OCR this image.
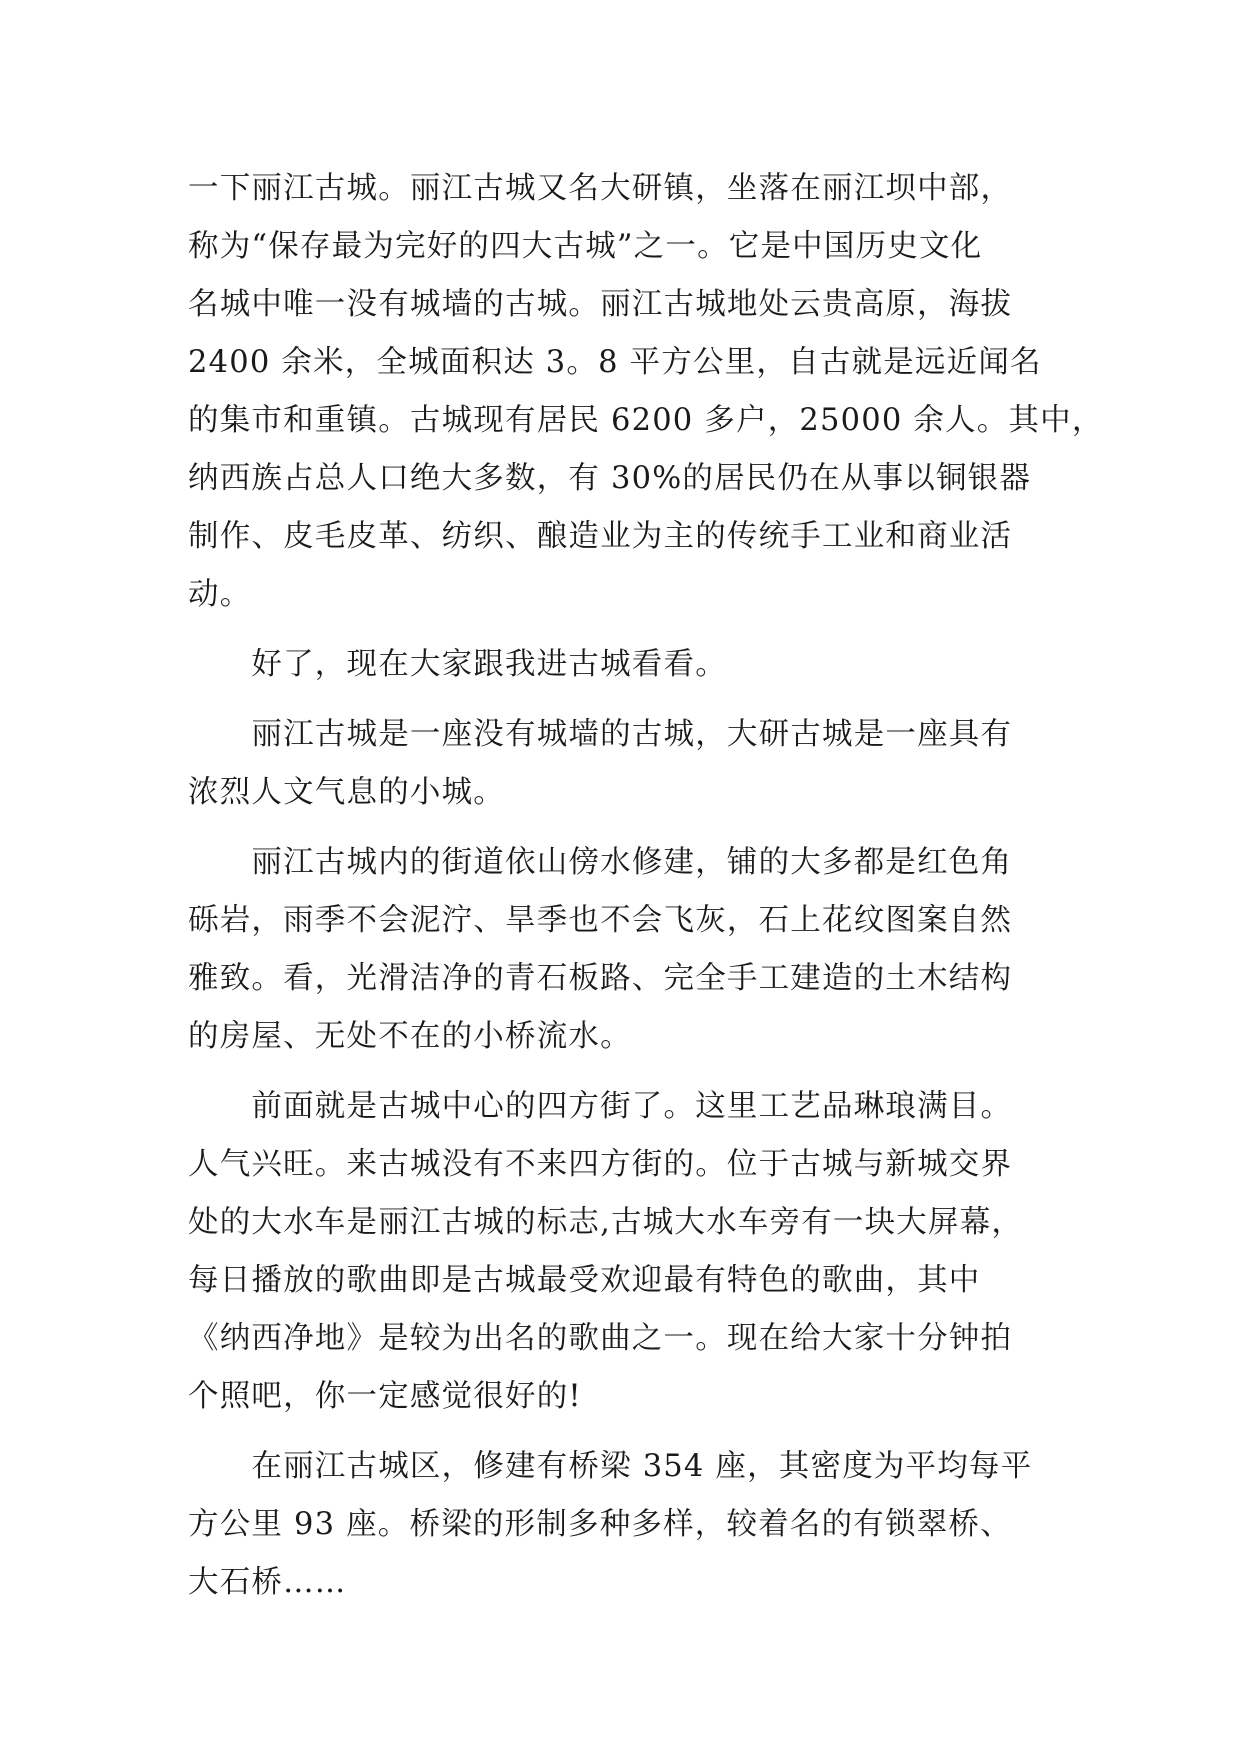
一下丽江古城。丽江古城又名大研镇，坐落在丽江坝中部，
称为“保存最为完好的四大古城”之一。它是中国历史文化
名城中唯一没有城墙的古城。丽江古城地处云贵高原，海拔
2400 余米，全城面积达 3。8 平方公里，自古就是远近闻名
的集市和重镇。古城现有居民 6200 多户，25000 余人。其中，
纳西族占总人口绝大多数，有 30%的居民仍在从事以铜银器
制作、皮毛皮革、纺织、酿造业为主的传统手工业和商业活
动。
　　好了，现在大家跟我进古城看看。
　　丽江古城是一座没有城墙的古城，大研古城是一座具有
浓烈人文气息的小城。
　　丽江古城内的街道依山傍水修建，铺的大多都是红色角
砾岩，雨季不会泥泞、旱季也不会飞灰，石上花纹图案自然
雅致。看，光滑洁净的青石板路、完全手工建造的土木结构
的房屋、无处不在的小桥流水。
　　前面就是古城中心的四方街了。这里工艺品琳琅满目。
人气兴旺。来古城没有不来四方街的。位于古城与新城交界
处的大水车是丽江古城的标志,古城大水车旁有一块大屏幕，
每日播放的歌曲即是古城最受欢迎最有特色的歌曲，其中
《纳西净地》是较为出名的歌曲之一。现在给大家十分钟拍
个照吧，你一定感觉很好的!
　　在丽江古城区，修建有桥梁 354 座，其密度为平均每平
方公里 93 座。桥梁的形制多种多样，较着名的有锁翠桥、
大石桥……
